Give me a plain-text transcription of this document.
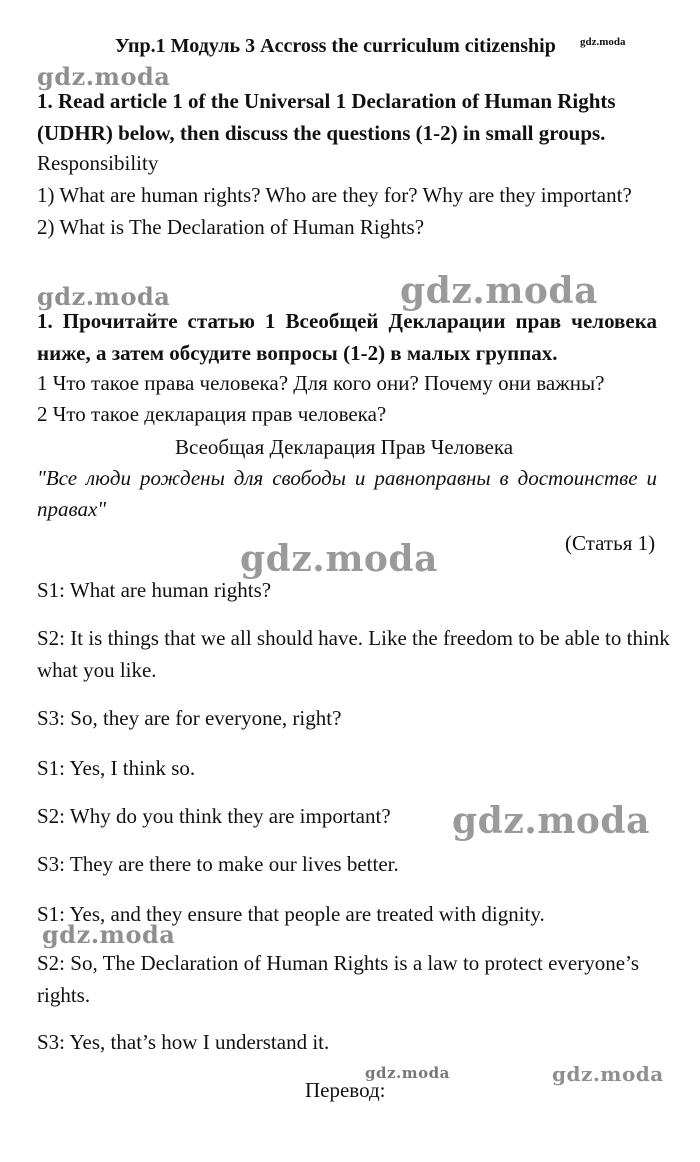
Упр.1 Модуль 3 Accross the curriculum citizenship gdz.moda
gdz.moda
gdz.moda	gdz.moda
gdz.moda
gdz.moda
gdz.moda
gdz.moda	gdz.moda
1. Read article 1 of the Universal 1 Declaration of Human Rights
(UDHR) below, then discuss the questions (1-2) in small groups.
Responsibility
1) What are human rights? Who are they for? Why are they important?
2) What is The Declaration of Human Rights?
1. Прочитайте статью 1 Всеобщей Декларации прав человека
ниже, а затем обсудите вопросы (1-2) в малых группах.
1 Что такое права человека? Для кого они? Почему они важны?
2 Что такое декларация прав человека?
Всеобщая Декларация Прав Человека
"Все люди рождены для свободы и равноправны в достоинстве и
правах"
(Статья 1)
S1: What are human rights?
S2: It is things that we all should have. Like the freedom to be able to think
what you like.
S3: So, they are for everyone, right?
S1: Yes, I think so.
S2: Why do you think they are important?
S3: They are there to make our lives better.
S1: Yes, and they ensure that people are treated with dignity.
S2: So, The Declaration of Human Rights is a law to protect everyone’s
rights.
S3: Yes, that’s how I understand it.
Перевод:
